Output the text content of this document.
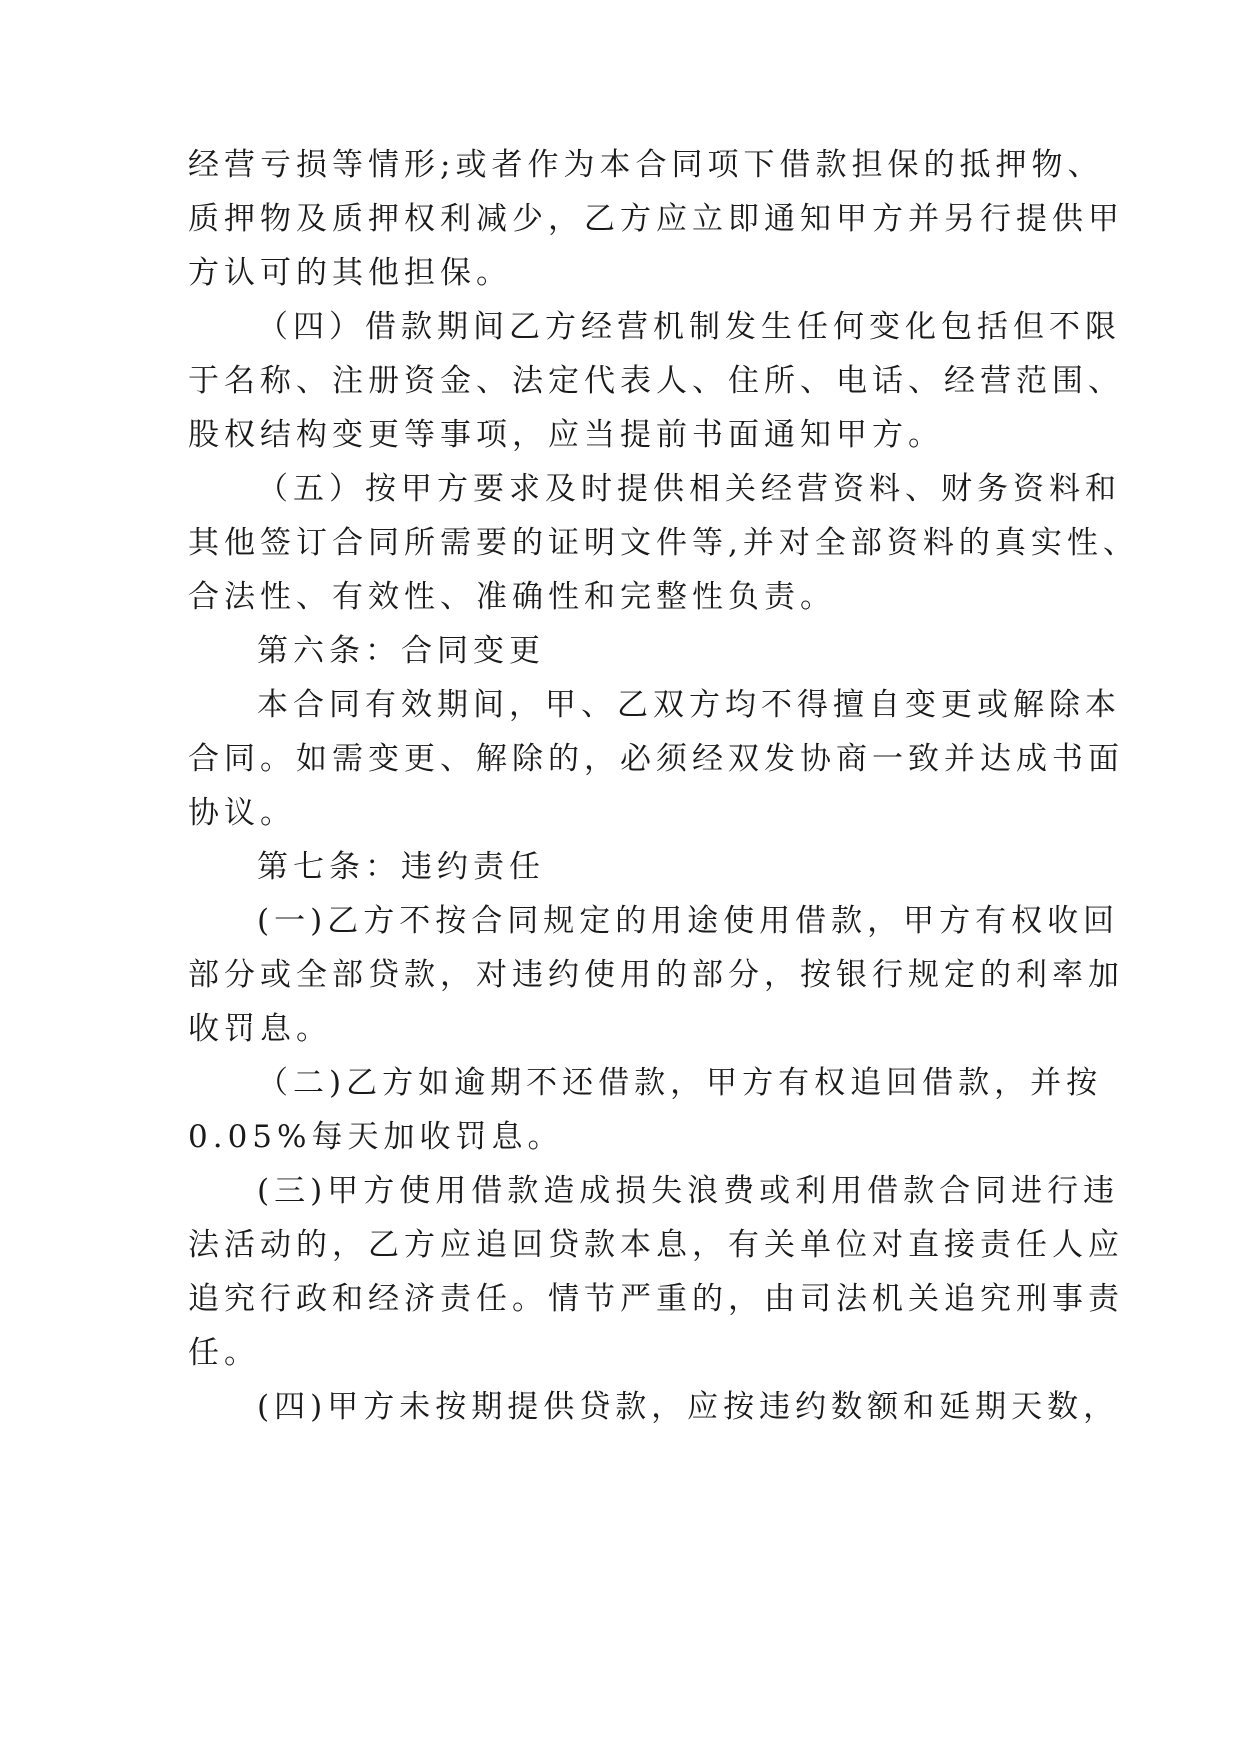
经营亏损等情形;或者作为本合同项下借款担保的抵押物、
质押物及质押权利减少，乙方应立即通知甲方并另行提供甲
方认可的其他担保。
（四）借款期间乙方经营机制发生任何变化包括但不限
于名称、注册资金、法定代表人、住所、电话、经营范围、
股权结构变更等事项，应当提前书面通知甲方。
（五）按甲方要求及时提供相关经营资料、财务资料和
其他签订合同所需要的证明文件等,并对全部资料的真实性、
合法性、有效性、准确性和完整性负责。
第六条：合同变更
本合同有效期间，甲、乙双方均不得擅自变更或解除本
合同。如需变更、解除的，必须经双发协商一致并达成书面
协议。
第七条：违约责任
(一)乙方不按合同规定的用途使用借款，甲方有权收回
部分或全部贷款，对违约使用的部分，按银行规定的利率加
收罚息。
（二)乙方如逾期不还借款，甲方有权追回借款，并按
0.05%每天加收罚息。
(三)甲方使用借款造成损失浪费或利用借款合同进行违
法活动的，乙方应追回贷款本息，有关单位对直接责任人应
追究行政和经济责任。情节严重的，由司法机关追究刑事责
任。
(四)甲方未按期提供贷款，应按违约数额和延期天数，
